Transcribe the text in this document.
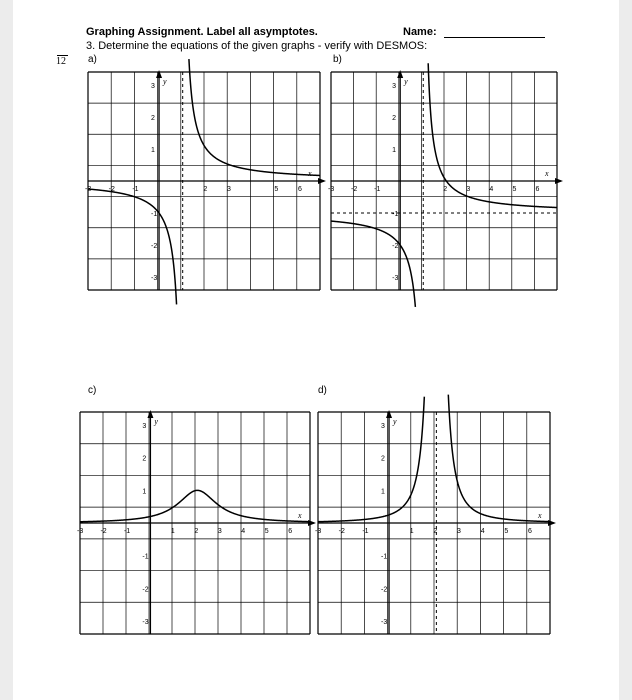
Graphing Assignment. Label all asymptotes.	Name:
3. Determine the equations of the given graphs - verify with DESMOS:
12 a)	b)
c)	d)
x
y
-3 -2 -1	2	3	5	6
3
2
1
-1
-2
-3
x
y
-3 -2 -1	2	3	4	5	6
3
2
1
-1
-2
-3
x
y
-3 -2 -1	1	2	3	4	5	6
3
2
1
-1
-2
-3
x
y
-3 -2 -1	1	2	3	4	5	6
3
2
1
-1
-2
-3
